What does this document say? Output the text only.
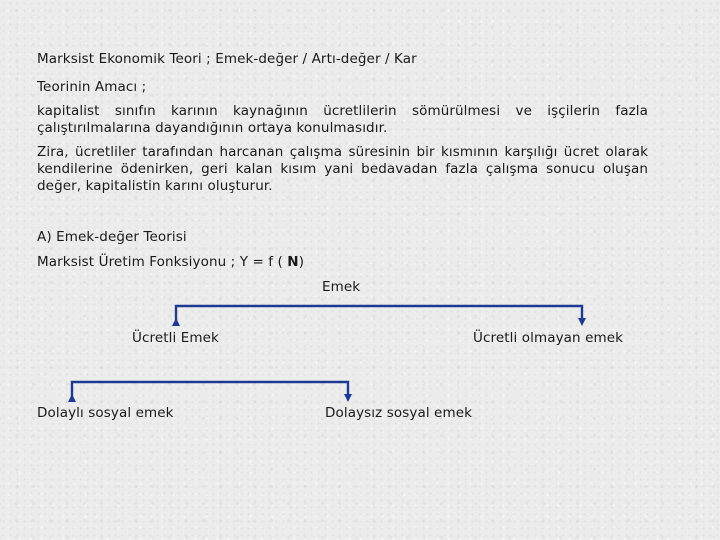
Marksist Ekonomik Teori ; Emek-değer / Artı-değer / Kar
Teorinin Amacı ;
kapitalist sınıfın karının kaynağının ücretlilerin sömürülmesi ve işçilerin fazla çalıştırılmalarına dayandığının ortaya konulmasıdır.
Zira, ücretliler tarafından harcanan çalışma süresinin bir kısmının karşılığı ücret olarak kendilerine ödenirken, geri kalan kısım yani bedavadan fazla çalışma sonucu oluşan değer, kapitalistin karını oluşturur.
A) Emek-değer Teorisi
Marksist Üretim Fonksiyonu ; Y = f ( N)
Emek
Ücretli Emek	Ücretli olmayan emek
Dolaylı sosyal emek	Dolaysız sosyal emek
